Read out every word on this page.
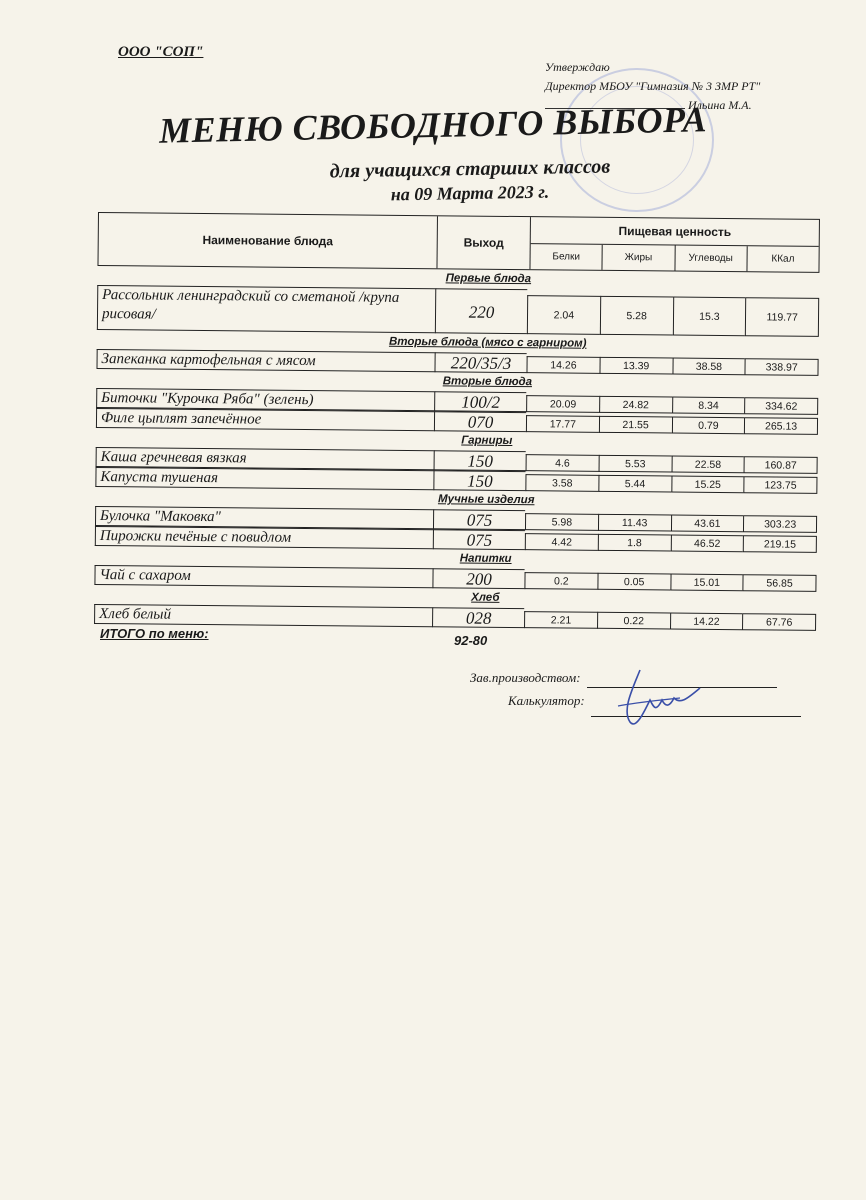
ООО "СОП"
Утверждаю
Директор МБОУ "Гимназия № 3 ЗМР РТ"
Ильина М.А.
МЕНЮ СВОБОДНОГО ВЫБОРА
для учащихся старших классов
на 09 Марта 2023 г.
Наименование блюда	Выход
Пищевая ценность
Белки	Жиры	Углеводы	ККал
Первые блюда
Рассольник ленинградский со сметаной /крупа рисовая/	220	2.04	5.28	15.3	119.77
Вторые блюда (мясо с гарниром)
Запеканка картофельная с мясом	220/35/3	14.26	13.39	38.58	338.97
Вторые блюда
Биточки "Курочка Ряба" (зелень)	100/2	20.09	24.82	8.34	334.62
Филе цыплят запечённое	070	17.77	21.55	0.79	265.13
Гарниры
Каша гречневая вязкая	150	4.6	5.53	22.58	160.87
Капуста тушеная	150	3.58	5.44	15.25	123.75
Мучные изделия
Булочка "Маковка"	075	5.98	11.43	43.61	303.23
Пирожки печёные с повидлом	075	4.42	1.8	46.52	219.15
Напитки
Чай с сахаром	200	0.2	0.05	15.01	56.85
Хлеб
Хлеб белый	028	2.21	0.22	14.22	67.76
ИТОГО по меню:	92-80
Зав.производством:
Калькулятор:
